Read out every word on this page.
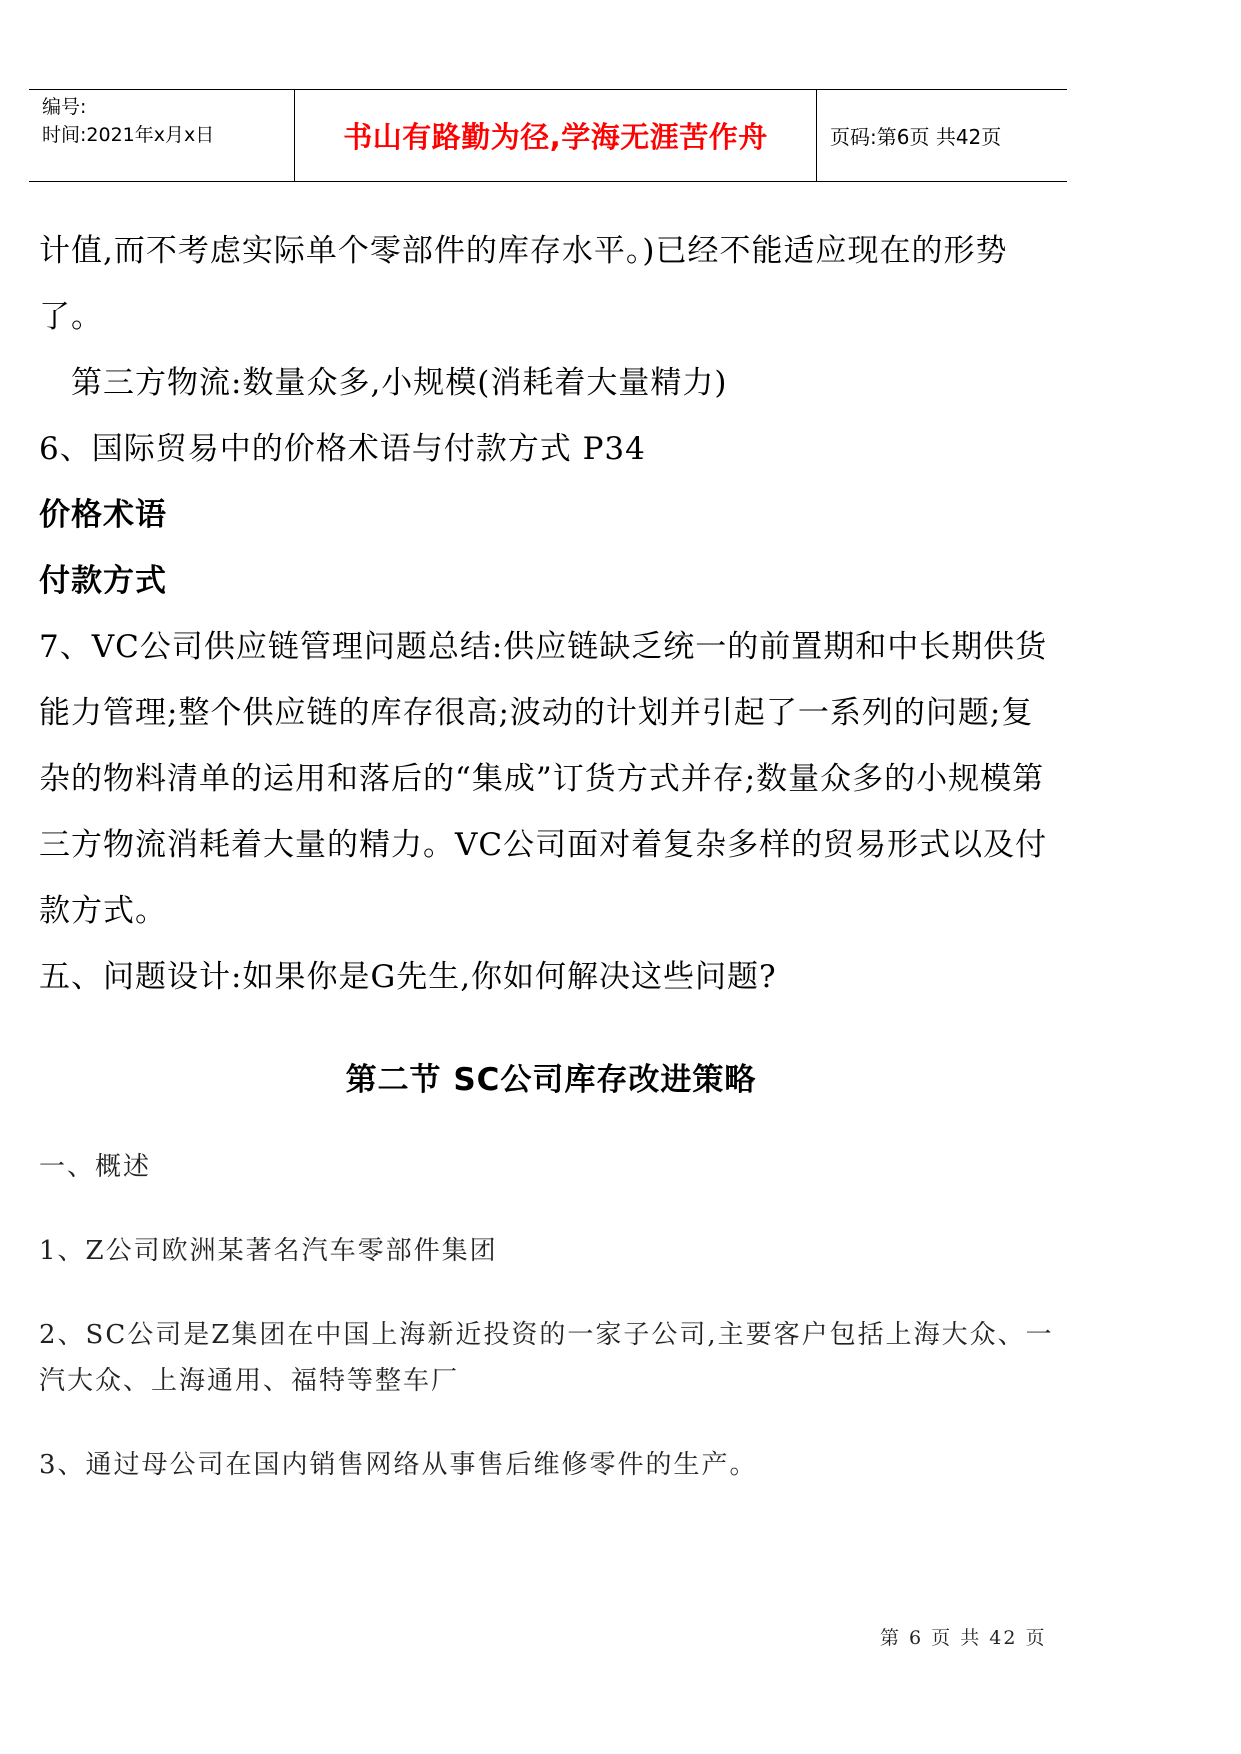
编号:
时间:2021年x月x日	书山有路勤为径,学海无涯苦作舟	页码:第6页 共42页

计值,而不考虑实际单个零部件的库存水平。)已经不能适应现在的形势了。

第三方物流:数量众多,小规模(消耗着大量精力)

6、国际贸易中的价格术语与付款方式 P34

价格术语

付款方式

7、VC公司供应链管理问题总结:供应链缺乏统一的前置期和中长期供货能力管理;整个供应链的库存很高;波动的计划并引起了一系列的问题;复杂的物料清单的运用和落后的“集成”订货方式并存;数量众多的小规模第三方物流消耗着大量的精力。VC公司面对着复杂多样的贸易形式以及付款方式。

五、问题设计:如果你是G先生,你如何解决这些问题?

第二节 SC公司库存改进策略

一、概述

1、Z公司欧洲某著名汽车零部件集团

2、SC公司是Z集团在中国上海新近投资的一家子公司,主要客户包括上海大众、一汽大众、上海通用、福特等整车厂

3、通过母公司在国内销售网络从事售后维修零件的生产。

第 6 页 共 42 页
